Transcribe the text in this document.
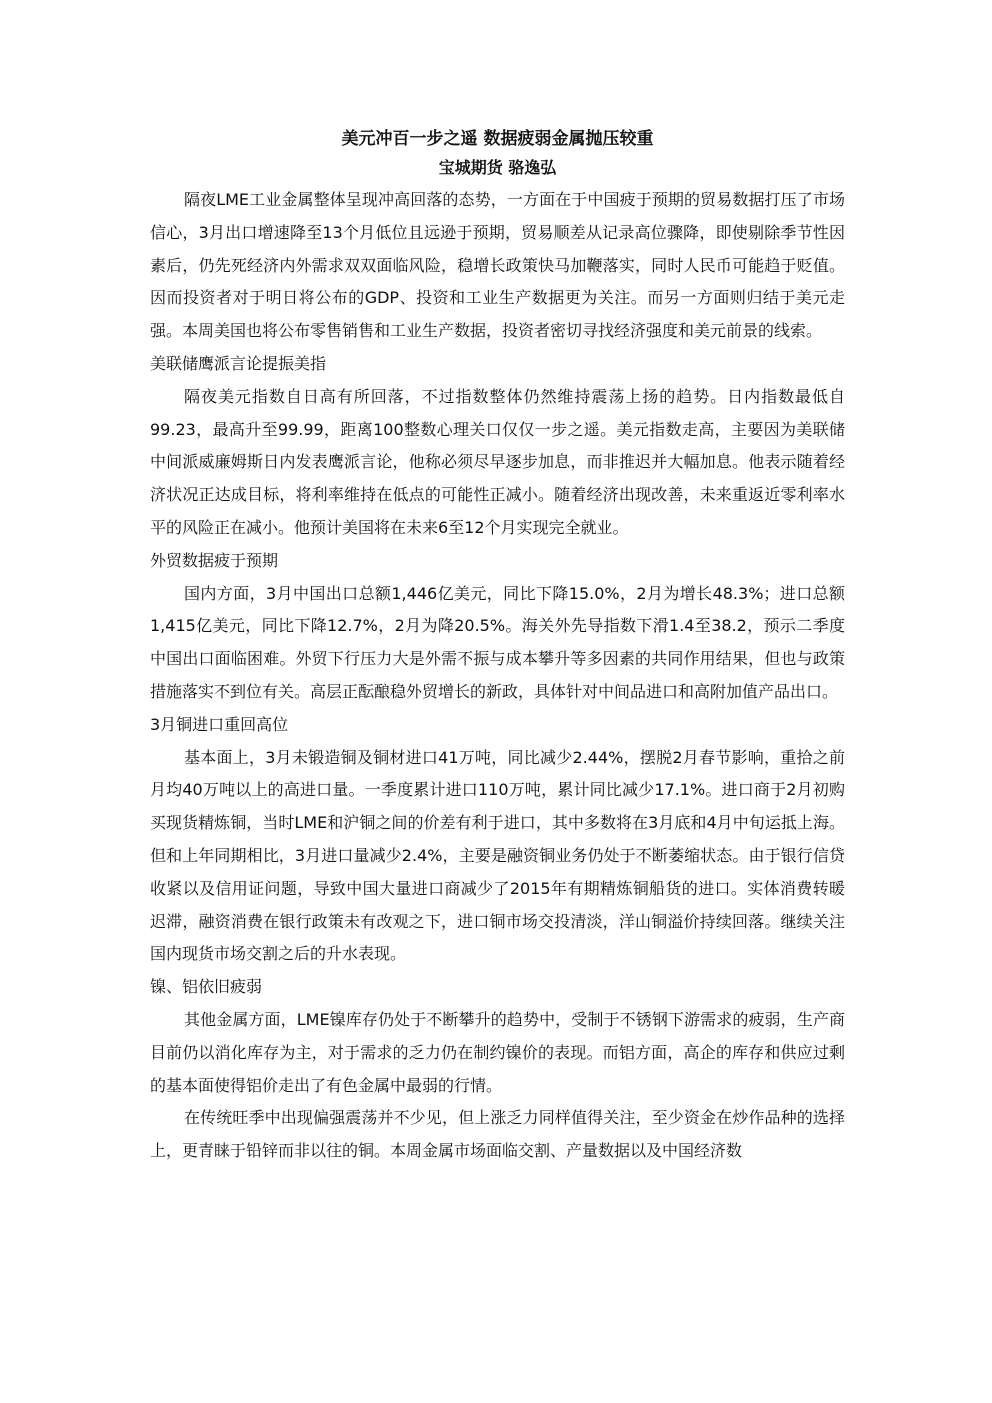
美元冲百一步之遥 数据疲弱金属抛压较重
宝城期货 骆逸弘

隔夜LME工业金属整体呈现冲高回落的态势，一方面在于中国疲于预期的贸易数据打压了市场信心，3月出口增速降至13个月低位且远逊于预期，贸易顺差从记录高位骤降，即使剔除季节性因素后，仍先死经济内外需求双双面临风险，稳增长政策快马加鞭落实，同时人民币可能趋于贬值。因而投资者对于明日将公布的GDP、投资和工业生产数据更为关注。而另一方面则归结于美元走强。本周美国也将公布零售销售和工业生产数据，投资者密切寻找经济强度和美元前景的线索。

美联储鹰派言论提振美指

隔夜美元指数自日高有所回落，不过指数整体仍然维持震荡上扬的趋势。日内指数最低自99.23，最高升至99.99，距离100整数心理关口仅仅一步之遥。美元指数走高，主要因为美联储中间派威廉姆斯日内发表鹰派言论，他称必须尽早逐步加息，而非推迟并大幅加息。他表示随着经济状况正达成目标，将利率维持在低点的可能性正减小。随着经济出现改善，未来重返近零利率水平的风险正在减小。他预计美国将在未来6至12个月实现完全就业。

外贸数据疲于预期

国内方面，3月中国出口总额1,446亿美元，同比下降15.0%，2月为增长48.3%；进口总额1,415亿美元，同比下降12.7%，2月为降20.5%。海关外先导指数下滑1.4至38.2，预示二季度中国出口面临困难。外贸下行压力大是外需不振与成本攀升等多因素的共同作用结果，但也与政策措施落实不到位有关。高层正酝酿稳外贸增长的新政，具体针对中间品进口和高附加值产品出口。

3月铜进口重回高位

基本面上，3月未锻造铜及铜材进口41万吨，同比减少2.44%，摆脱2月春节影响，重拾之前月均40万吨以上的高进口量。一季度累计进口110万吨，累计同比减少17.1%。进口商于2月初购买现货精炼铜，当时LME和沪铜之间的价差有利于进口，其中多数将在3月底和4月中旬运抵上海。但和上年同期相比，3月进口量减少2.4%，主要是融资铜业务仍处于不断萎缩状态。由于银行信贷收紧以及信用证问题，导致中国大量进口商减少了2015年有期精炼铜船货的进口。实体消费转暖迟滞，融资消费在银行政策未有改观之下，进口铜市场交投清淡，洋山铜溢价持续回落。继续关注国内现货市场交割之后的升水表现。

镍、铝依旧疲弱

其他金属方面，LME镍库存仍处于不断攀升的趋势中，受制于不锈钢下游需求的疲弱，生产商目前仍以消化库存为主，对于需求的乏力仍在制约镍价的表现。而铝方面，高企的库存和供应过剩的基本面使得铝价走出了有色金属中最弱的行情。

在传统旺季中出现偏强震荡并不少见，但上涨乏力同样值得关注，至少资金在炒作品种的选择上，更青睐于铅锌而非以往的铜。本周金属市场面临交割、产量数据以及中国经济数
